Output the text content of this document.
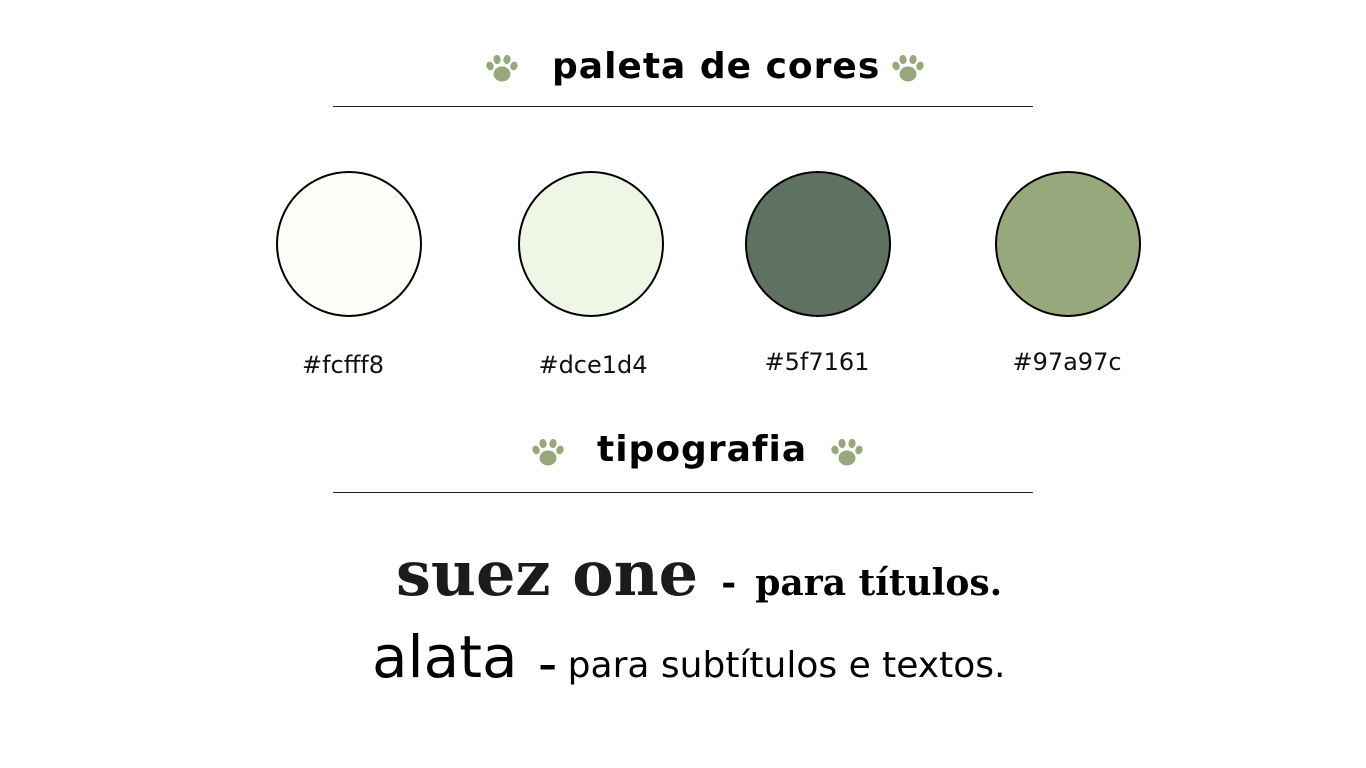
paleta de cores
#fcfff8	#dce1d4	#5f7161	#97a97c
tipografia
suez one - para títulos.
alata – para subtítulos e textos.
